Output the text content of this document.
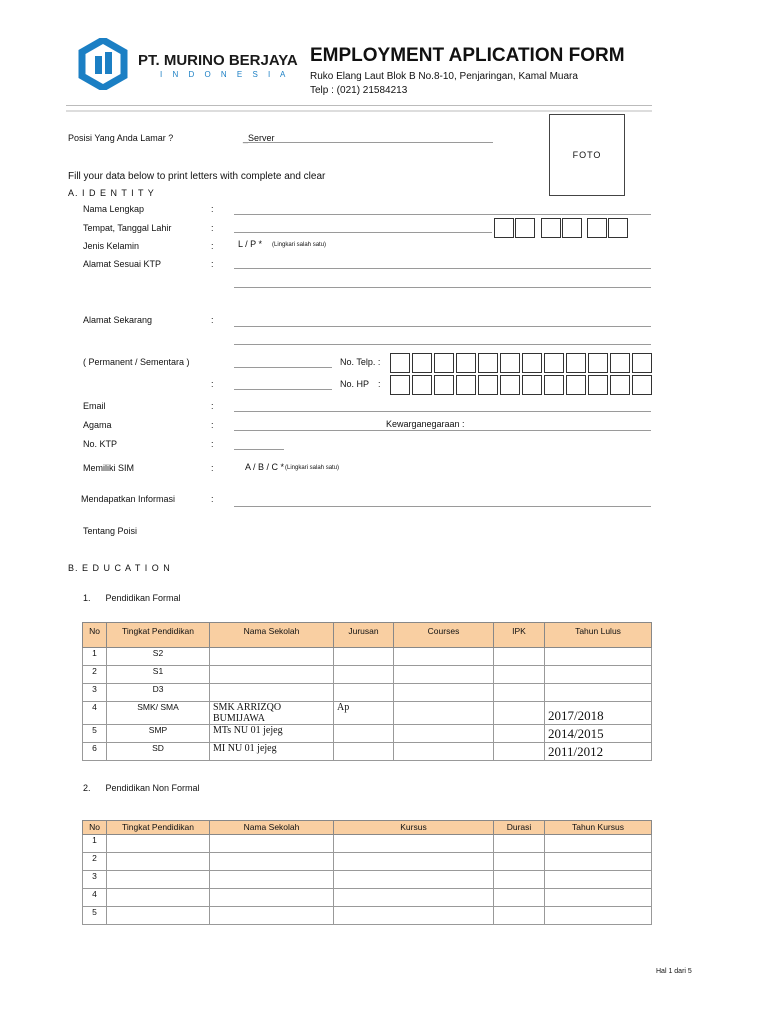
PT. MURINO BERJAYA
I N D O N E S I A
EMPLOYMENT APLICATION FORM
Ruko Elang Laut Blok B No.8-10, Penjaringan, Kamal Muara
Telp : (021) 21584213
Posisi Yang Anda Lamar ?	_Server
FOTO
Fill your data below to print letters with complete and clear
A. I D E N T I T Y
Nama Lengkap	:
Tempat, Tanggal Lahir	:
Jenis Kelamin	:	L / P * (Lingkari salah satu)
Alamat Sesuai KTP	:
Alamat Sekarang	:
( Permanent / Sementara )	No. Telp. :
:	No. HP :
Email	:
Agama	:	Kewarganegaraan :
No. KTP	:
Memiliki SIM	:	A / B / C * (Lingkari salah satu)
Mendapatkan Informasi	:
Tentang Poisi
B. E D U C A T I O N
1.      Pendidikan Formal
No	Tingkat Pendidikan	Nama Sekolah	Jurusan	Courses	IPK	Tahun Lulus
1	S2					
2	S1					
3	D3					
4	SMK/ SMA	SMK ARRIZQO BUMIJAWA	Ap			2017/2018
5	SMP	MTs NU 01 jejeg				2014/2015
6	SD	MI NU 01 jejeg				2011/2012
2.      Pendidikan Non Formal
No	Tingkat Pendidikan	Nama Sekolah	Kursus	Durasi	Tahun Kursus
1					
2					
3					
4					
5					
Hal 1 dari 5
